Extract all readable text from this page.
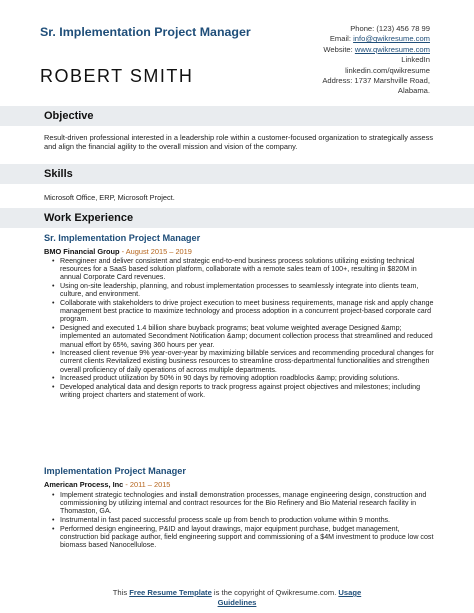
Sr. Implementation Project Manager
ROBERT SMITH
Phone: (123) 456 78 99
Email: info@qwikresume.com
Website: www.qwikresume.com
LinkedIn
linkedin.com/qwikresume
Address: 1737 Marshville Road,
Alabama.
Objective
Result-driven professional interested in a leadership role within a customer-focused organization to strategically assess and align the financial agility to the overall mission and vision of the company.
Skills
Microsoft Office, ERP, Microsoft Project.
Work Experience
Sr. Implementation Project Manager
BMO Financial Group - August 2015 – 2019
• Reengineer and deliver consistent and strategic end-to-end business process solutions utilizing existing technical resources for a SaaS based solution platform, collaborate with a remote sales team of 100+, resulting in $820M in annual Corporate Card revenues.
• Using on-site leadership, planning, and robust implementation processes to seamlessly integrate into clients team, culture, and environment.
• Collaborate with stakeholders to drive project execution to meet business requirements, manage risk and apply change management best practice to maximize technology and process adoption in a concurrent project-based corporate card program.
• Designed and executed 1.4 billion share buyback programs; beat volume weighted average Designed &amp; implemented an automated Secondment Notification &amp; document collection process that streamlined and reduced manual effort by 65%, saving 360 hours per year.
• Increased client revenue 9% year-over-year by maximizing billable services and recommending procedural changes for current clients Revitalized existing business resources to streamline cross-departmental functionalities and strengthen overall proficiency of daily operations of across multiple departments.
• Increased product utilization by 50% in 90 days by removing adoption roadblocks &amp; providing solutions.
• Developed analytical data and design reports to track progress against project objectives and milestones; including writing project charters and statement of work.
Implementation Project Manager
American Process, Inc - 2011 – 2015
• Implement strategic technologies and install demonstration processes, manage engineering design, construction and commissioning by utilizing internal and contract resources for the Bio Refinery and Bio Material research facility in Thomaston, GA.
• Instrumental in fast paced successful process scale up from bench to production volume within 9 months.
• Performed design engineering, P&ID and layout drawings, major equipment purchase, budget management, construction bid package author, field engineering support and commissioning of a $4M investment to produce low cost biomass based Nanocellulose.
This Free Resume Template is the copyright of Qwikresume.com. Usage
Guidelines
